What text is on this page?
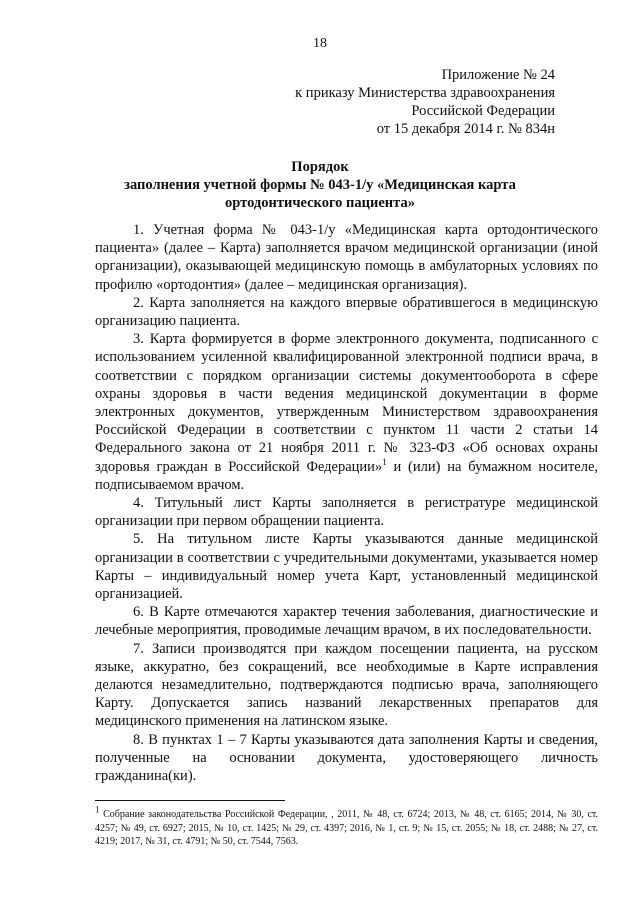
18
Приложение № 24
к приказу Министерства здравоохранения
Российской Федерации
от 15 декабря 2014 г. № 834н
Порядок
заполнения учетной формы № 043-1/у «Медицинская карта
ортодонтического пациента»

1. Учетная форма № 043-1/у «Медицинская карта ортодонтического пациента» (далее – Карта) заполняется врачом медицинской организации (иной организации), оказывающей медицинскую помощь в амбулаторных условиях по профилю «ортодонтия» (далее – медицинская организация).

2. Карта заполняется на каждого впервые обратившегося в медицинскую организацию пациента.

3. Карта формируется в форме электронного документа, подписанного с использованием усиленной квалифицированной электронной подписи врача, в соответствии с порядком организации системы документооборота в сфере охраны здоровья в части ведения медицинской документации в форме электронных документов, утвержденным Министерством здравоохранения Российской Федерации в соответствии с пунктом 11 части 2 статьи 14 Федерального закона от 21 ноября 2011 г. № 323-ФЗ «Об основах охраны здоровья граждан в Российской Федерации»$^1$ и (или) на бумажном носителе, подписываемом врачом.

4. Титульный лист Карты заполняется в регистратуре медицинской организации при первом обращении пациента.

5. На титульном листе Карты указываются данные медицинской организации в соответствии с учредительными документами, указывается номер Карты – индивидуальный номер учета Карт, установленный медицинской организацией.

6. В Карте отмечаются характер течения заболевания, диагностические и лечебные мероприятия, проводимые лечащим врачом, в их последовательности.

7. Записи производятся при каждом посещении пациента, на русском языке, аккуратно, без сокращений, все необходимые в Карте исправления делаются незамедлительно, подтверждаются подписью врача, заполняющего Карту. Допускается запись названий лекарственных препаратов для медицинского применения на латинском языке.

8. В пунктах 1 – 7 Карты указываются дата заполнения Карты и сведения, полученные на основании документа, удостоверяющего личность гражданина(ки).

$^1$ Собрание законодательства Российской Федерации, , 2011, № 48, ст. 6724; 2013, № 48, ст. 6165; 2014, № 30, ст. 4257; № 49, ст. 6927; 2015, № 10, ст. 1425; № 29, ст. 4397; 2016, № 1, ст. 9; № 15, ст. 2055; № 18, ст. 2488; № 27, ст. 4219; 2017, № 31, ст. 4791; № 50, ст. 7544, 7563.
